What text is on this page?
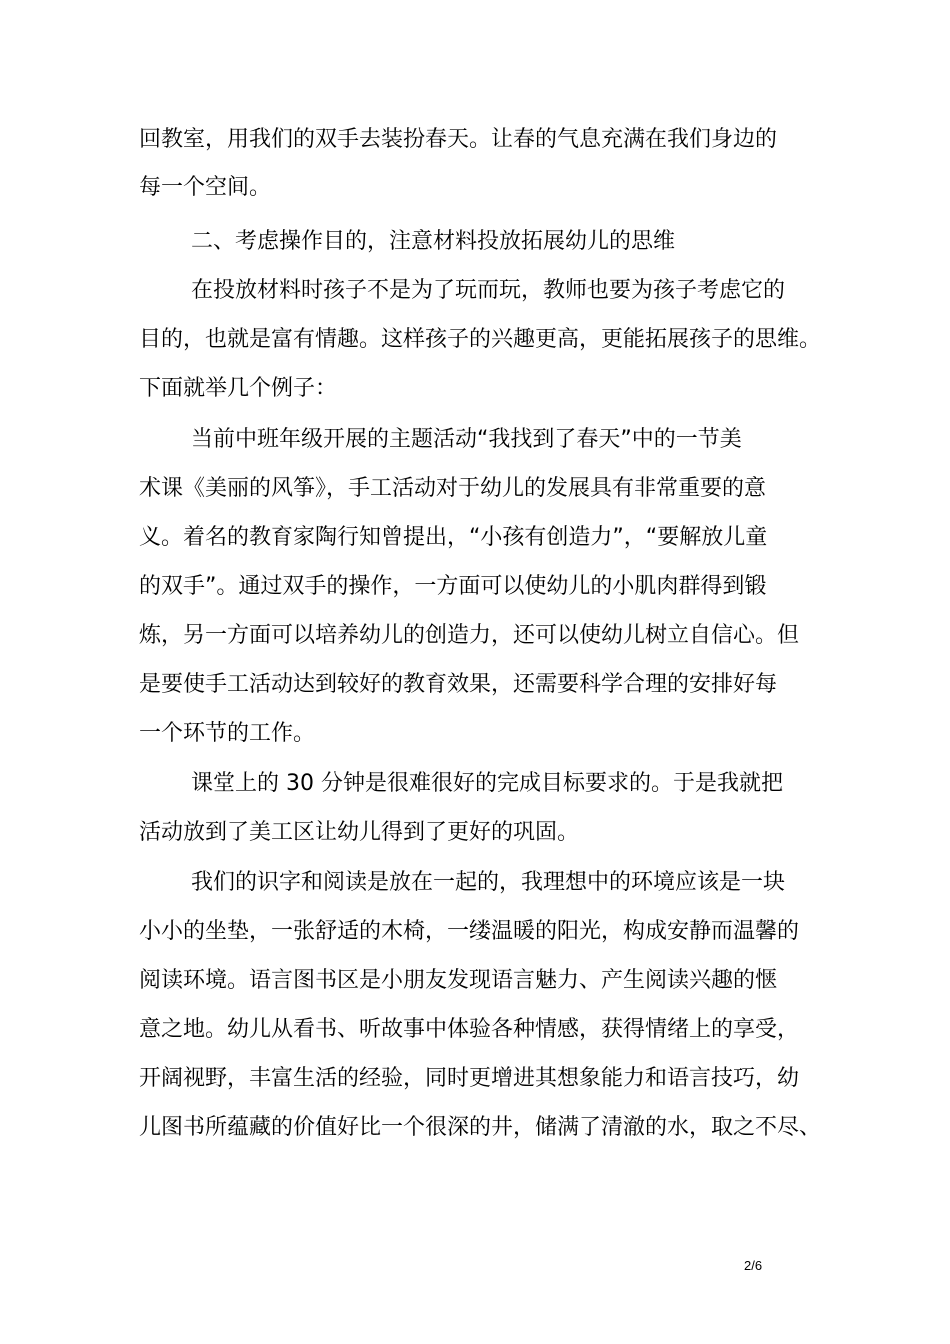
回教室，用我们的双手去装扮春天。让春的气息充满在我们身边的

每一个空间。

二、考虑操作目的，注意材料投放拓展幼儿的思维

在投放材料时孩子不是为了玩而玩，教师也要为孩子考虑它的

目的，也就是富有情趣。这样孩子的兴趣更高，更能拓展孩子的思维。

下面就举几个例子：

当前中班年级开展的主题活动“我找到了春天”中的一节美

术课《美丽的风筝》，手工活动对于幼儿的发展具有非常重要的意

义。着名的教育家陶行知曾提出，“小孩有创造力”，“要解放儿童

的双手”。通过双手的操作，一方面可以使幼儿的小肌肉群得到锻

炼，另一方面可以培养幼儿的创造力，还可以使幼儿树立自信心。但

是要使手工活动达到较好的教育效果，还需要科学合理的安排好每

一个环节的工作。

课堂上的 30 分钟是很难很好的完成目标要求的。于是我就把

活动放到了美工区让幼儿得到了更好的巩固。

我们的识字和阅读是放在一起的，我理想中的环境应该是一块

小小的坐垫，一张舒适的木椅，一缕温暖的阳光，构成安静而温馨的

阅读环境。语言图书区是小朋友发现语言魅力、产生阅读兴趣的惬

意之地。幼儿从看书、听故事中体验各种情感，获得情绪上的享受，

开阔视野，丰富生活的经验，同时更增进其想象能力和语言技巧，幼

儿图书所蕴藏的价值好比一个很深的井，储满了清澈的水，取之不尽、

2/6
